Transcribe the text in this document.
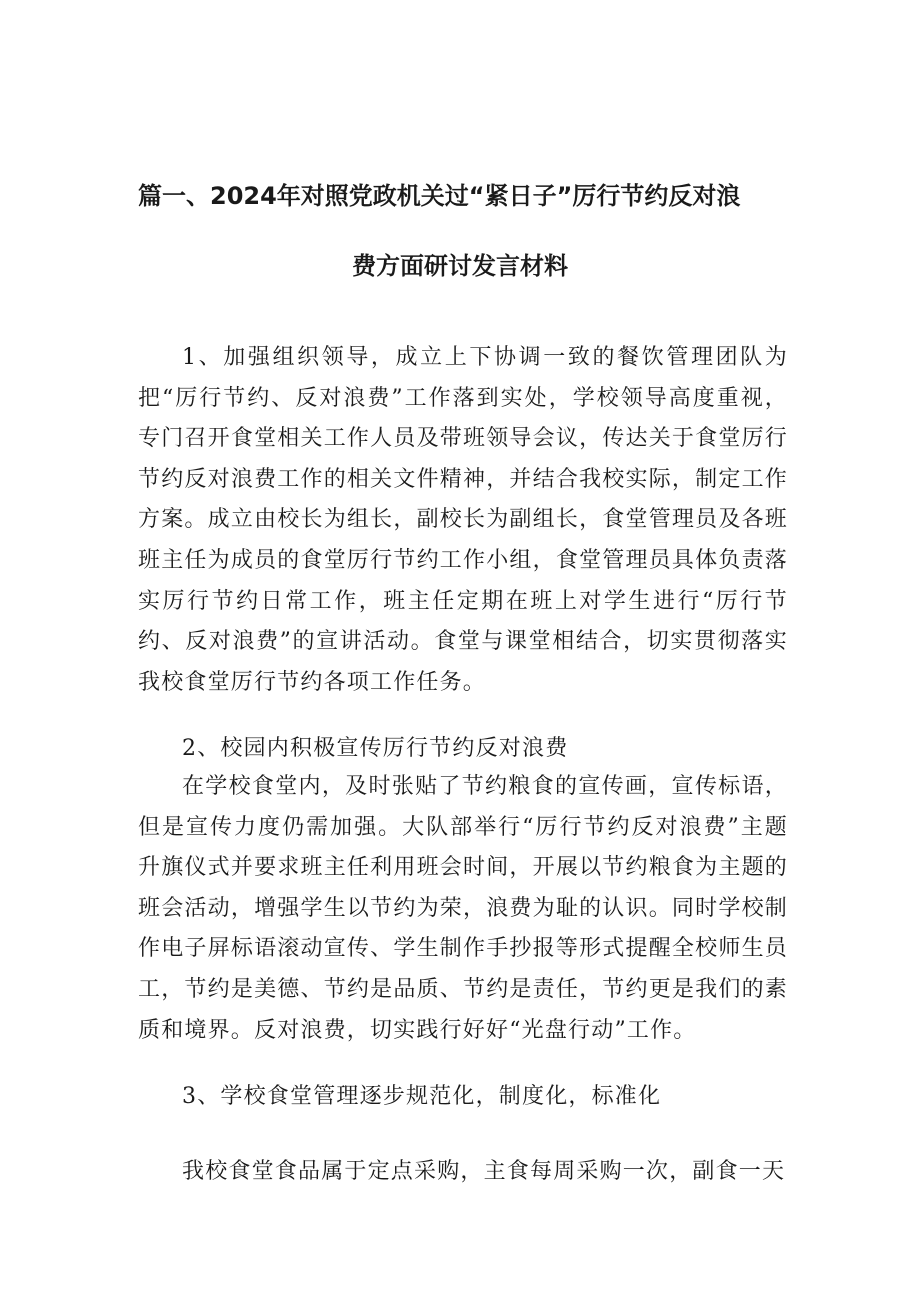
篇一、2024年对照党政机关过“紧日子”厉行节约反对浪
费方面研讨发言材料
1、加强组织领导，成立上下协调一致的餐饮管理团队为把“厉行节约、反对浪费”工作落到实处，学校领导高度重视，专门召开食堂相关工作人员及带班领导会议，传达关于食堂厉行节约反对浪费工作的相关文件精神，并结合我校实际，制定工作方案。成立由校长为组长，副校长为副组长，食堂管理员及各班班主任为成员的食堂厉行节约工作小组，食堂管理员具体负责落实厉行节约日常工作，班主任定期在班上对学生进行“厉行节约、反对浪费”的宣讲活动。食堂与课堂相结合，切实贯彻落实我校食堂厉行节约各项工作任务。
2、校园内积极宣传厉行节约反对浪费
在学校食堂内，及时张贴了节约粮食的宣传画，宣传标语，但是宣传力度仍需加强。大队部举行“厉行节约反对浪费”主题升旗仪式并要求班主任利用班会时间，开展以节约粮食为主题的班会活动，增强学生以节约为荣，浪费为耻的认识。同时学校制作电子屏标语滚动宣传、学生制作手抄报等形式提醒全校师生员工，节约是美德、节约是品质、节约是责任，节约更是我们的素质和境界。反对浪费，切实践行好好“光盘行动”工作。
3、学校食堂管理逐步规范化，制度化，标准化
我校食堂食品属于定点采购，主食每周采购一次，副食一天
